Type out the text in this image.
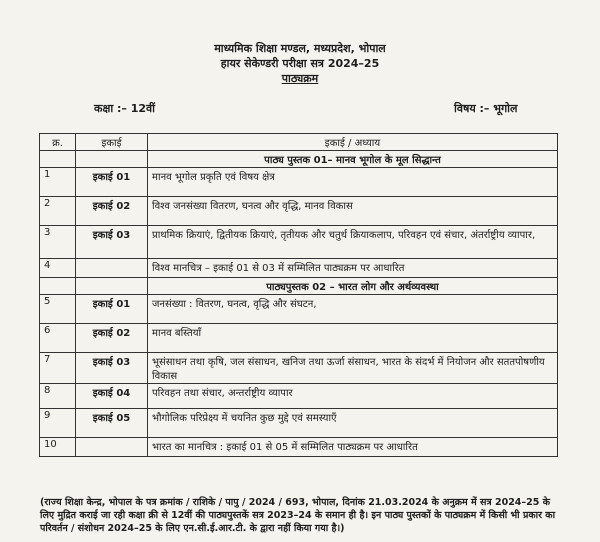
माध्यमिक शिक्षा मण्डल, मध्यप्रदेश, भोपाल
हायर सेकेण्डरी परीक्षा सत्र 2024–25
पाठ्यक्रम
कक्षा :– 12वीं	विषय :– भूगोल
क्र.	इकाई	इकाई / अध्याय
		पाठ्य पुस्तक 01– मानव भूगोल के मूल सिद्धान्त
1	इकाई 01	मानव भूगोल प्रकृति एवं विषय क्षेत्र
2	इकाई 02	विश्व जनसंख्या वितरण, घनत्व और वृद्धि, मानव विकास
3	इकाई 03	प्राथमिक क्रियाएं, द्वितीयक क्रियाएं, तृतीयक और चतुर्थ क्रियाकलाप, परिवहन एवं संचार, अंतर्राष्ट्रीय व्यापार,
4		विश्व मानचित्र – इकाई 01 से 03 में सम्मिलित पाठ्यक्रम पर आधारित
		पाठ्यपुस्तक 02 – भारत लोग और अर्थव्यवस्था
5	इकाई 01	जनसंख्या : वितरण, घनत्व, वृद्धि और संघटन,
6	इकाई 02	मानव बस्तियाँ
7	इकाई 03	भूसंसाधन तथा कृषि, जल संसाधन, खनिज तथा ऊर्जा संसाधन, भारत के संदर्भ में नियोजन और सततपोषणीय विकास
8	इकाई 04	परिवहन तथा संचार, अन्तर्राष्ट्रीय व्यापार
9	इकाई 05	भौगोलिक परिप्रेक्ष्य में चयनित कुछ मुद्दे एवं समस्याएँ
10		भारत का मानचित्र : इकाई 01 से 05 में सम्मिलित पाठ्यक्रम पर आधारित
(राज्य शिक्षा केन्द्र, भोपाल के पत्र क्रमांक / राशिके / पापु / 2024 / 693, भोपाल, दिनांक 21.03.2024 के अनुक्रम में सत्र 2024–25 के लिए मुद्रित कराई जा रही कक्षा क्री से 12वीं की पाठ्यपुस्तकें सत्र 2023–24 के समान ही है। इन पाठ्य पुस्तकों के पाठ्यक्रम में किसी भी प्रकार का परिवर्तन / संशोधन 2024–25 के लिए एन.सी.ई.आर.टी. के द्वारा नहीं किया गया है।)
